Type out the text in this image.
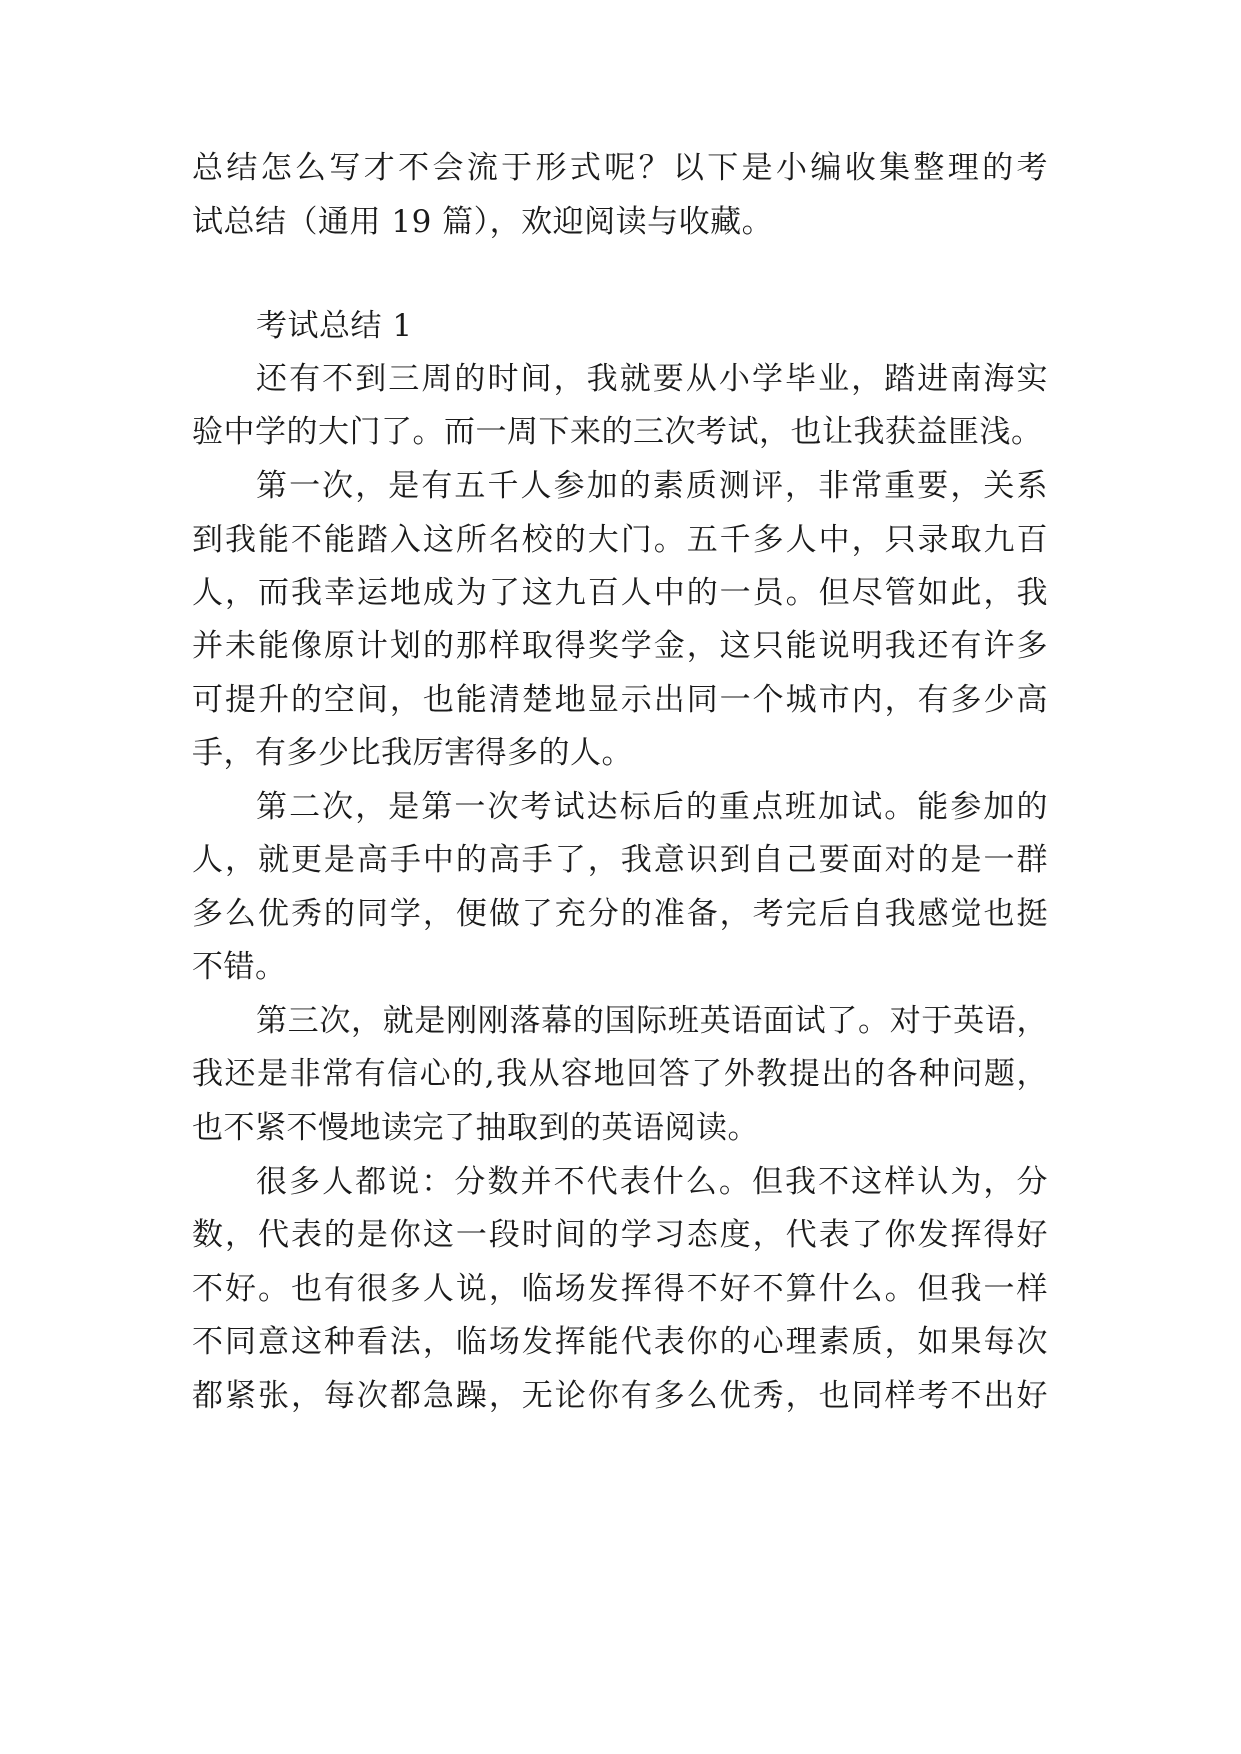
总结怎么写才不会流于形式呢？以下是小编收集整理的考

试总结（通用 19 篇），欢迎阅读与收藏。

考试总结 1

还有不到三周的时间，我就要从小学毕业，踏进南海实

验中学的大门了。而一周下来的三次考试，也让我获益匪浅。

第一次，是有五千人参加的素质测评，非常重要，关系

到我能不能踏入这所名校的大门。五千多人中，只录取九百

人，而我幸运地成为了这九百人中的一员。但尽管如此，我

并未能像原计划的那样取得奖学金，这只能说明我还有许多

可提升的空间，也能清楚地显示出同一个城市内，有多少高

手，有多少比我厉害得多的人。

第二次，是第一次考试达标后的重点班加试。能参加的

人，就更是高手中的高手了，我意识到自己要面对的是一群

多么优秀的同学，便做了充分的准备，考完后自我感觉也挺

不错。

第三次，就是刚刚落幕的国际班英语面试了。对于英语，

我还是非常有信心的,我从容地回答了外教提出的各种问题，

也不紧不慢地读完了抽取到的英语阅读。

很多人都说：分数并不代表什么。但我不这样认为，分

数，代表的是你这一段时间的学习态度，代表了你发挥得好

不好。也有很多人说，临场发挥得不好不算什么。但我一样

不同意这种看法，临场发挥能代表你的心理素质，如果每次

都紧张，每次都急躁，无论你有多么优秀，也同样考不出好
